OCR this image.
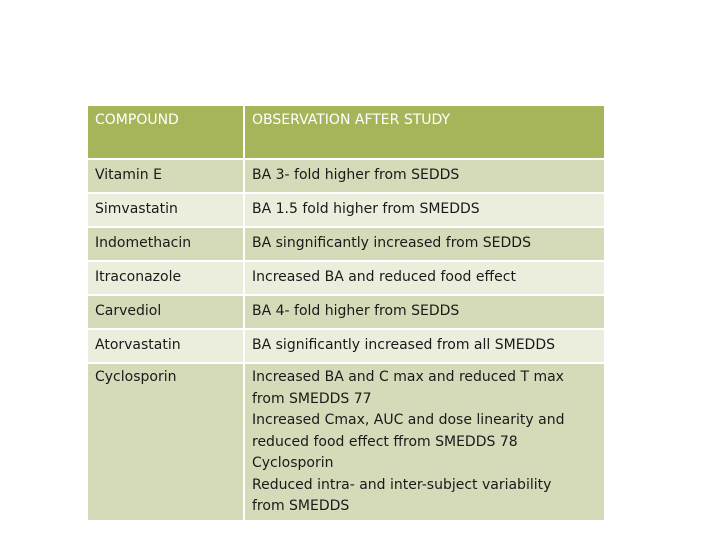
COMPOUND	OBSERVATION AFTER STUDY
Vitamin E	BA 3- fold higher from SEDDS
Simvastatin	BA 1.5 fold higher from SMEDDS
Indomethacin	BA singnificantly increased from SEDDS
Itraconazole	Increased BA and reduced food effect
Carvediol	BA 4- fold higher from SEDDS
Atorvastatin	BA significantly increased from all SMEDDS
Cyclosporin	Increased BA and C max and reduced T max
from SMEDDS 77
Increased Cmax, AUC and dose linearity and
reduced food effect ffrom SMEDDS 78
Cyclosporin
Reduced intra- and inter-subject variability
from SMEDDS
